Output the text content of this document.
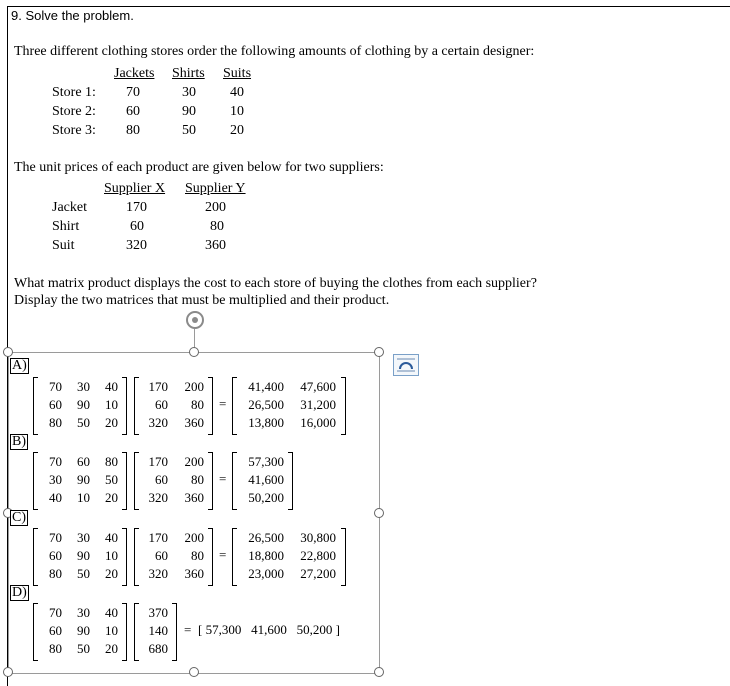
9. Solve the problem.
Three different clothing stores order the following amounts of clothing by a certain designer:
Jackets Shirts Suits
Store 1: 70	30 40
Store 2: 60	90 10
Store 3: 80	50 20
The unit prices of each product are given below for two suppliers:
Supplier X Supplier Y
Jacket	170	200
Shirt	60	80
Suit	320	360
What matrix product displays the cost to each store of buying the clothes from each supplier?
Display the two matrices that must be multiplied and their product.
A)
70	30	40
60	90	10
80	50	20
170	200
60	80
320	360
=
41,400	47,600
26,500	31,200
13,800	16,000
B)
70	60	80
30	90	50
40	10	20
170	200
60	80
320	360
=
57,300
41,600
50,200
C)
70	30	40
60	90	10
80	50	20
170	200
60	80
320	360
=
26,500	30,800
18,800	22,800
23,000	27,200
D)
70	30	40
60	90	10
80	50	20
370
140
680
= [ 57,300   41,600   50,200 ]
